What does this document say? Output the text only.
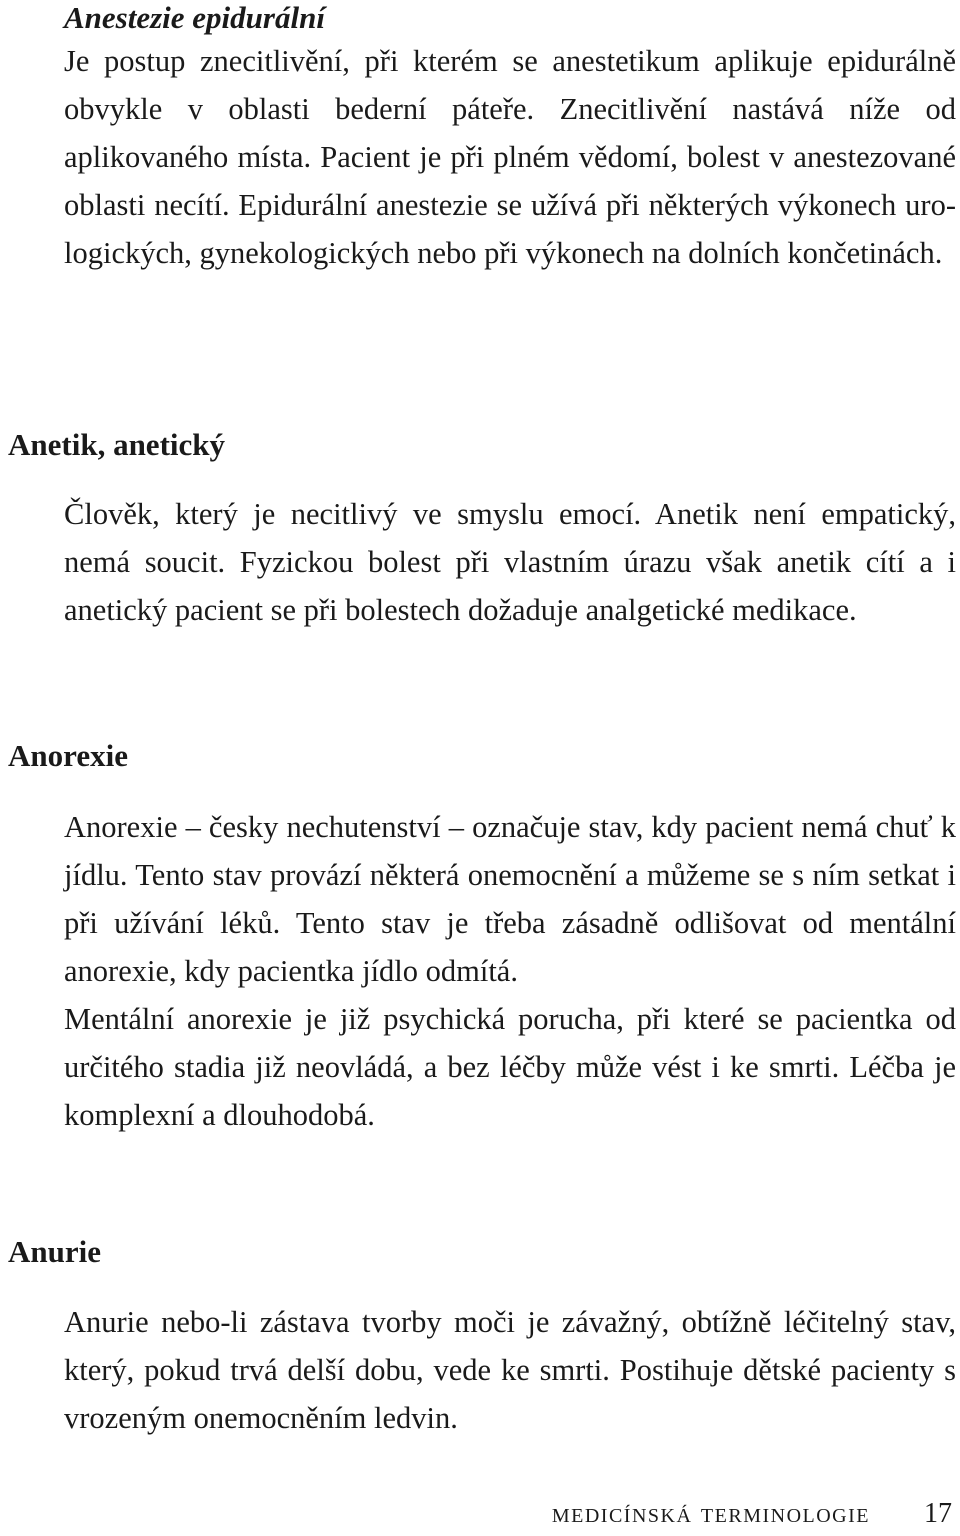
Anestezie epidurální

Je postup znecitlivění, při kterém se anestetikum aplikuje epidurálně obvykle v oblasti bederní páteře. Znecitlivění nastává níže od aplikovaného místa. Pacient je při plném vědomí, bolest v anestezované oblasti necítí. Epidurální anestezie se užívá při některých výkonech urologických, gynekologických nebo při výkonech na dolních končetinách.

Anetik, anetický

Člověk, který je necitlivý ve smyslu emocí. Anetik není empatický, nemá soucit. Fyzickou bolest při vlastním úrazu však anetik cítí a i anetický pacient se při bolestech dožaduje analgetické medikace.

Anorexie

Anorexie – česky nechutenství – označuje stav, kdy pacient nemá chuť k jídlu. Tento stav provází některá onemocnění a můžeme se s ním setkat i při užívání léků. Tento stav je třeba zásadně odlišovat od mentální anorexie, kdy pacientka jídlo odmítá.

Mentální anorexie je již psychická porucha, při které se pacientka od určitého stadia již neovládá, a bez léčby může vést i ke smrti. Léčba je komplexní a dlouhodobá.

Anurie

Anurie nebo-li zástava tvorby moči je závažný, obtížně léčitelný stav, který, pokud trvá delší dobu, vede ke smrti. Postihuje dětské pacienty s vrozeným onemocněním ledvin.

medicínská terminologie 17
